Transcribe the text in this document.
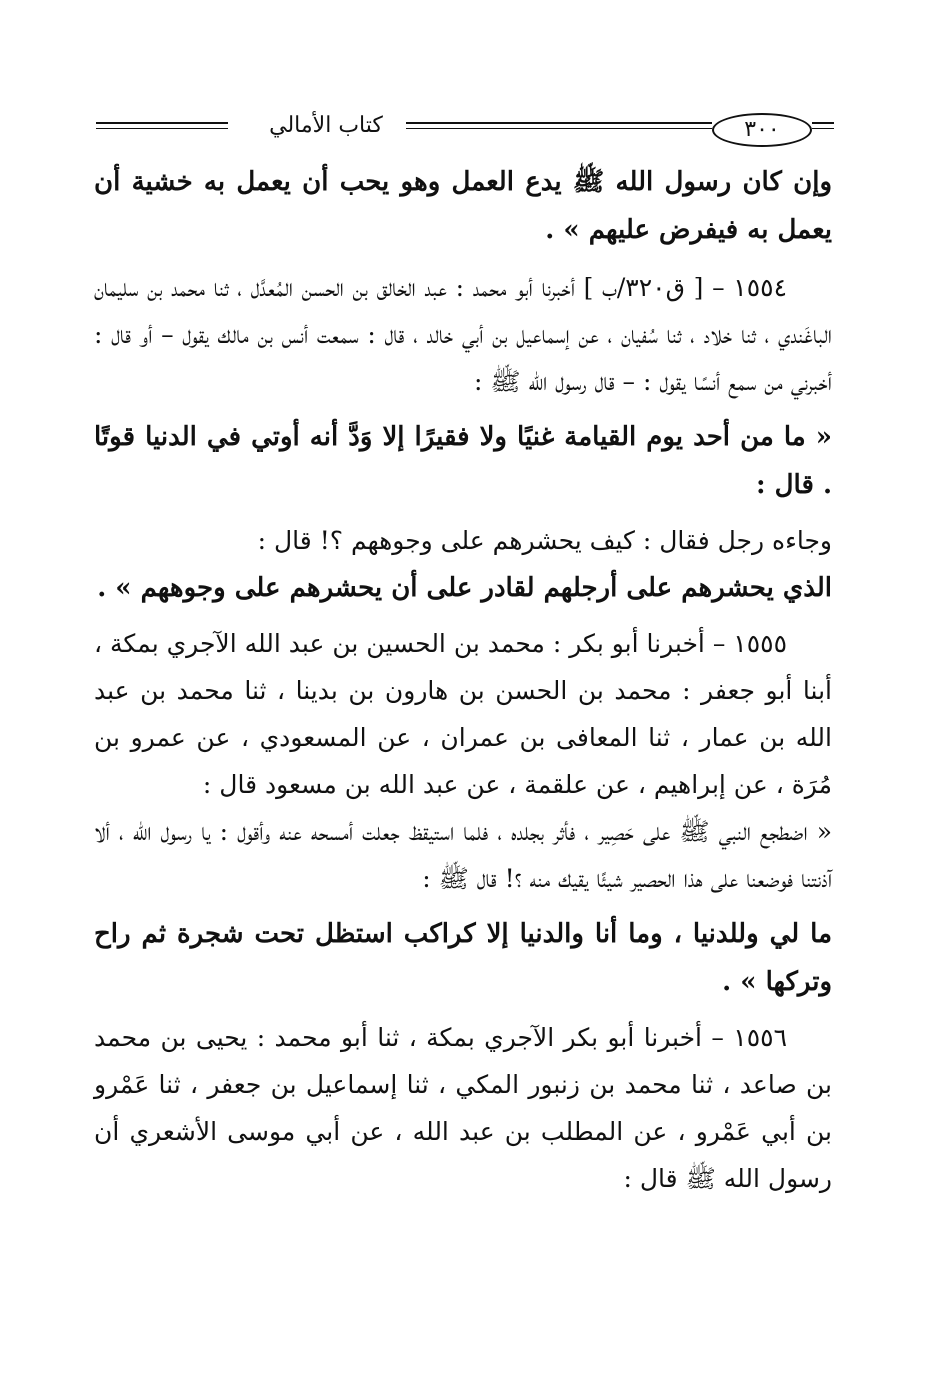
كتاب الأمالي	٣٠٠

وإن كان رسول الله ﷺ يدع العمل وهو يحب أن يعمل به خشية أن يعمل به فيفرض عليهم » .

١٥٥٤ – [ ق٣٢٠/ب ] أخبرنا أبو محمد : عبد الخالق بن الحسن المُعدَّل ، ثنا محمد بن سليمان الباغَندي ، ثنا خلاد ، ثنا سُفيان ، عن إسماعيل بن أبي خالد ، قال : سمعت أنس بن مالك يقول – أو قال : أخبرني من سمع أنسًا يقول : – قال رسول الله ﷺ :

« ما من أحد يوم القيامة غنيًا ولا فقيرًا إلا وَدَّ أنه أوتي في الدنيا قوتًا . قال :

وجاءه رجل فقال : كيف يحشرهم على وجوههم ؟! قال :

الذي يحشرهم على أرجلهم لقادر على أن يحشرهم على وجوههم » .

١٥٥٥ – أخبرنا أبو بكر : محمد بن الحسين بن عبد الله الآجري بمكة ، أبنا أبو جعفر : محمد بن الحسن بن هارون بن بدينا ، ثنا محمد بن عبد الله بن عمار ، ثنا المعافى بن عمران ، عن المسعودي ، عن عمرو بن مُرَة ، عن إبراهيم ، عن علقمة ، عن عبد الله بن مسعود قال :

« اضطجع النبي ﷺ على حَصِير ، فأثر بجلده ، فلما استيقظ جعلت أمسحه عنه وأقول : يا رسول الله ، ألا آذنتنا فوضعنا على هذا الحصير شيئًا يقيك منه ؟! قال ﷺ :

ما لي وللدنيا ، وما أنا والدنيا إلا كراكب استظل تحت شجرة ثم راح وتركها » .

١٥٥٦ – أخبرنا أبو بكر الآجري بمكة ، ثنا أبو محمد : يحيى بن محمد بن صاعد ، ثنا محمد بن زنبور المكي ، ثنا إسماعيل بن جعفر ، ثنا عَمْرو بن أبي عَمْرو ، عن المطلب بن عبد الله ، عن أبي موسى الأشعري أن رسول الله ﷺ قال :
